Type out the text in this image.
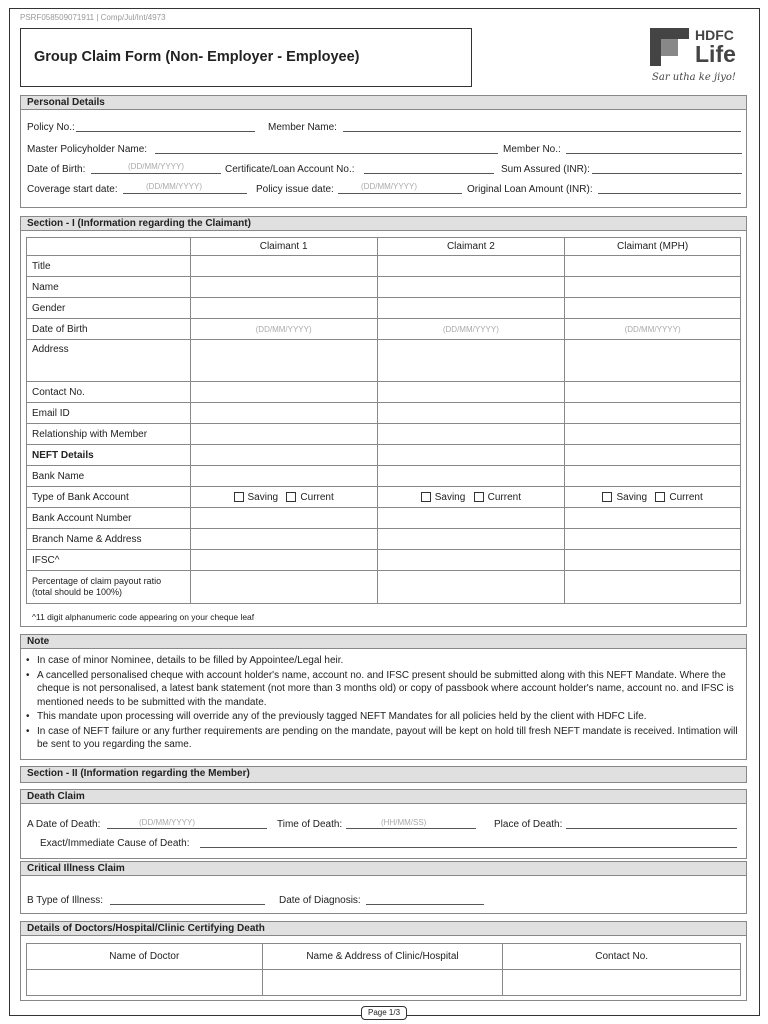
PSRF058509071911 | Comp/Jul/Int/4973
Group Claim Form (Non- Employer - Employee)
HDFC
Life
Sar utha ke jiyo!
Personal Details
Policy No.:	Member Name:
Master Policyholder Name:	Member No.:
Date of Birth:	(DD/MM/YYYY)	Certificate/Loan Account No.:	Sum Assured (INR):
Coverage start date:	(DD/MM/YYYY)	Policy issue date:	(DD/MM/YYYY)	Original Loan Amount (INR):
Section - I (Information regarding the Claimant)
	Claimant 1	Claimant 2	Claimant (MPH)
Title			
Name			
Gender			
Date of Birth	(DD/MM/YYYY)	(DD/MM/YYYY)	(DD/MM/YYYY)
Address			
Contact No.			
Email ID			
Relationship with Member			
NEFT Details			
Bank Name			
Type of Bank Account	Saving Current	Saving Current	Saving Current
Bank Account Number			
Branch Name & Address			
IFSC^			
Percentage of claim payout ratio
(total should be 100%)			
^11 digit alphanumeric code appearing on your cheque leaf
Note
• In case of minor Nominee, details to be filled by Appointee/Legal heir.
• A cancelled personalised cheque with account holder's name, account no. and IFSC present should be submitted along with this NEFT Mandate. Where the cheque is not personalised, a latest bank statement (not more than 3 months old) or copy of passbook where account holder's name, account no. and IFSC is mentioned needs to be submitted with the mandate.
• This mandate upon processing will override any of the previously tagged NEFT Mandates for all policies held by the client with HDFC Life.
• In case of NEFT failure or any further requirements are pending on the mandate, payout will be kept on hold till fresh NEFT mandate is received. Intimation will be sent to you regarding the same.
Section - II (Information regarding the Member)
Death Claim
A Date of Death:	(DD/MM/YYYY)	Time of Death:	(HH/MM/SS)	Place of Death:
Exact/Immediate Cause of Death:
Critical Illness Claim
B Type of Illness:	Date of Diagnosis:
Details of Doctors/Hospital/Clinic Certifying Death
Name of Doctor	Name & Address of Clinic/Hospital	Contact No.

Page 1/3
